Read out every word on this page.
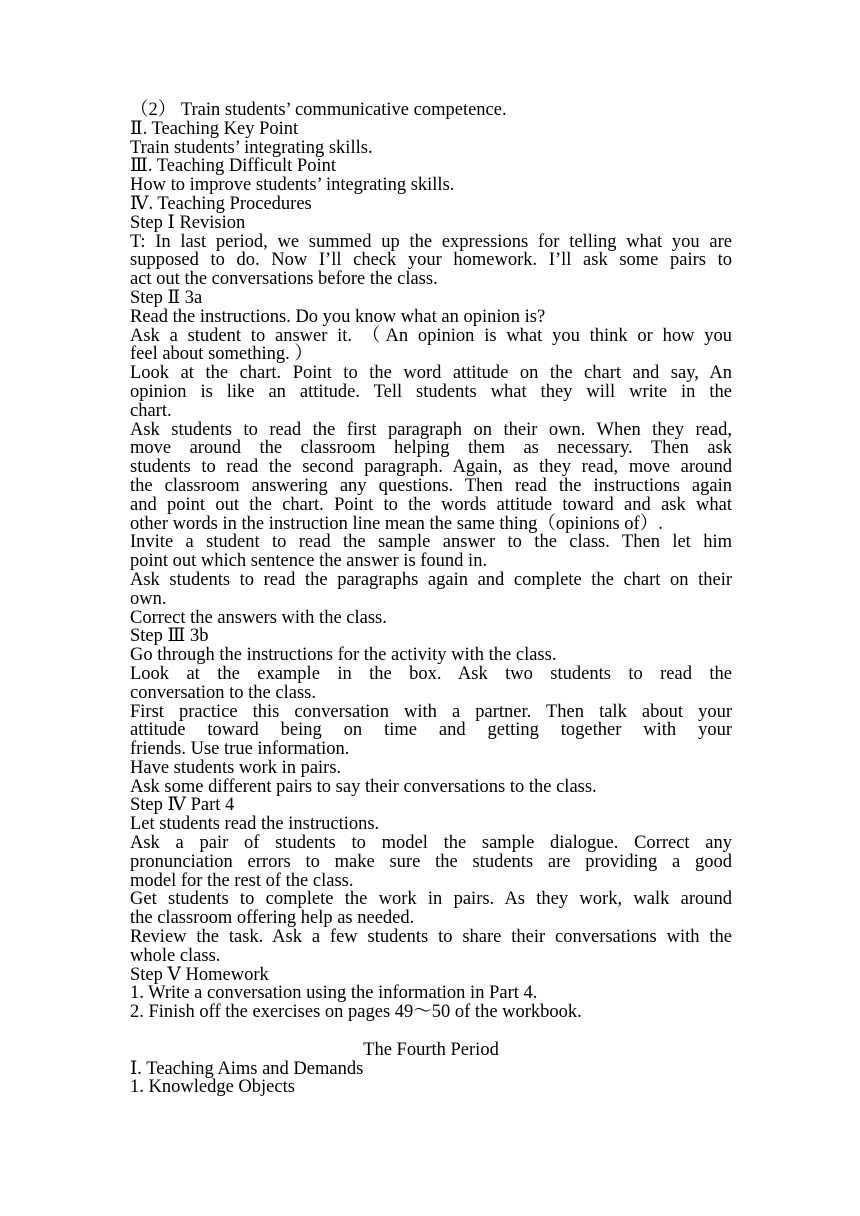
（2） Train students’ communicative competence.
Ⅱ. Teaching Key Point
Train students’ integrating skills.
Ⅲ. Teaching Difficult Point
How to improve students’ integrating skills.
Ⅳ. Teaching Procedures
Step Ⅰ Revision
T: In last period, we summed up the expressions for telling what you are
supposed to do. Now I’ll check your homework. I’ll ask some pairs to
act out the conversations before the class.
Step Ⅱ 3a
Read the instructions. Do you know what an opinion is?
Ask a student to answer it. （An opinion is what you think or how you
feel about something. ）
Look at the chart. Point to the word attitude on the chart and say, An
opinion is like an attitude. Tell students what they will write in the
chart.
Ask students to read the first paragraph on their own. When they read,
move around the classroom helping them as necessary. Then ask
students to read the second paragraph. Again, as they read, move around
the classroom answering any questions. Then read the instructions again
and point out the chart. Point to the words attitude toward and ask what
other words in the instruction line mean the same thing（opinions of）.
Invite a student to read the sample answer to the class. Then let him
point out which sentence the answer is found in.
Ask students to read the paragraphs again and complete the chart on their
own.
Correct the answers with the class.
Step Ⅲ 3b
Go through the instructions for the activity with the class.
Look at the example in the box. Ask two students to read the
conversation to the class.
First practice this conversation with a partner. Then talk about your
attitude toward being on time and getting together with your
friends. Use true information.
Have students work in pairs.
Ask some different pairs to say their conversations to the class.
Step Ⅳ Part 4
Let students read the instructions.
Ask a pair of students to model the sample dialogue. Correct any
pronunciation errors to make sure the students are providing a good
model for the rest of the class.
Get students to complete the work in pairs. As they work, walk around
the classroom offering help as needed.
Review the task. Ask a few students to share their conversations with the
whole class.
Step Ⅴ Homework
1. Write a conversation using the information in Part 4.
2. Finish off the exercises on pages 49～50 of the workbook.
The Fourth Period
Ⅰ. Teaching Aims and Demands
1. Knowledge Objects
